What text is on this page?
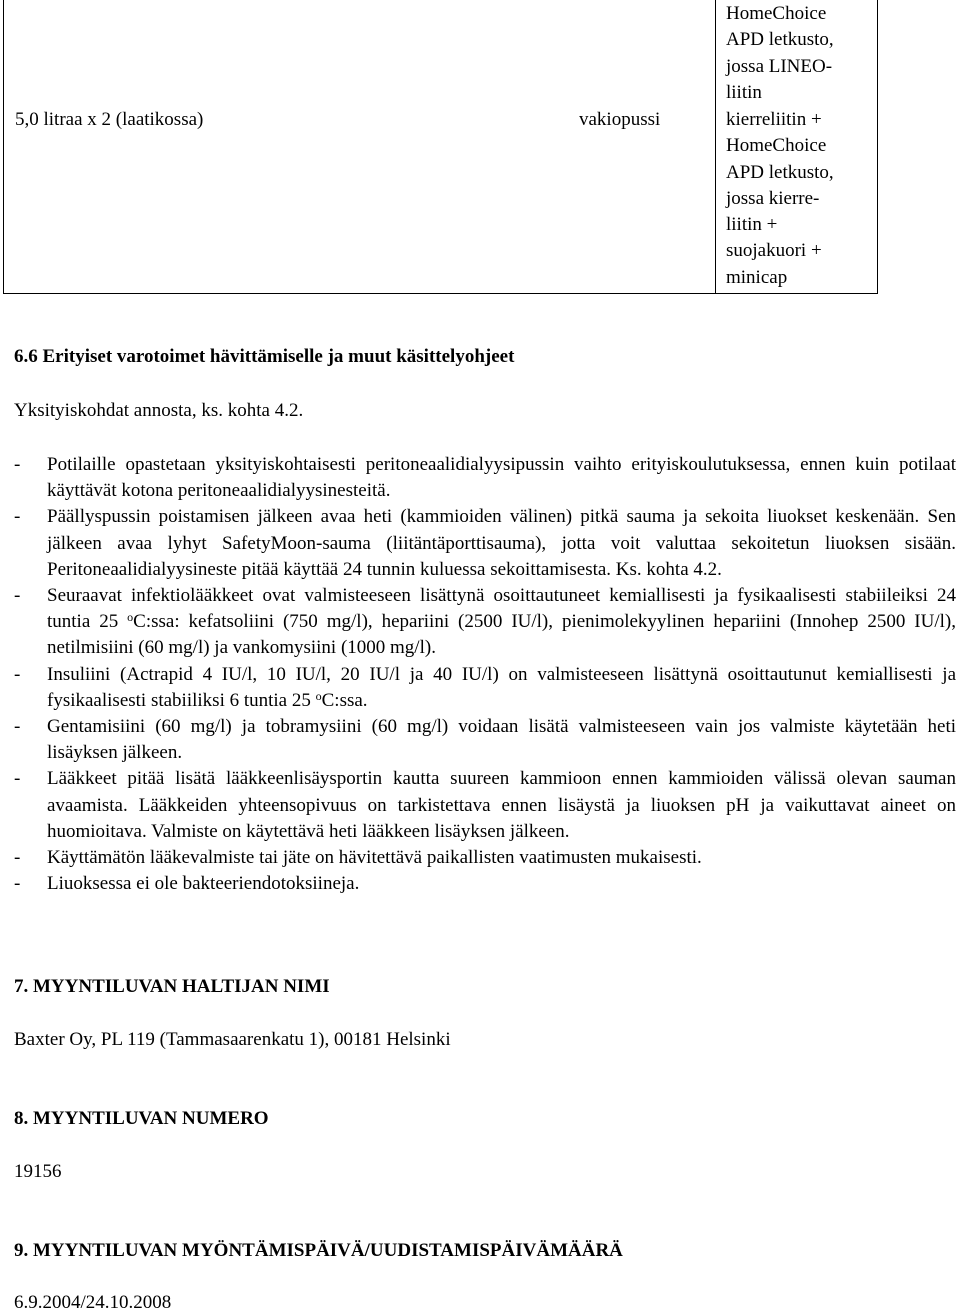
HomeChoice
APD letkusto,
jossa LINEO-
liitin
5,0 litraa x 2 (laatikossa)	vakiopussi	kierreliitin +
HomeChoice
APD letkusto,
jossa kierre-
liitin +
suojakuori +
minicap
6.6 Erityiset varotoimet hävittämiselle ja muut käsittelyohjeet
Yksityiskohdat annosta, ks. kohta 4.2.
- Potilaille opastetaan yksityiskohtaisesti peritoneaalidialyysipussin vaihto erityiskoulutuksessa, ennen kuin potilaat käyttävät kotona peritoneaalidialyysinesteitä.
- Päällyspussin poistamisen jälkeen avaa heti (kammioiden välinen) pitkä sauma ja sekoita liuokset keskenään. Sen jälkeen avaa lyhyt SafetyMoon-sauma (liitäntäporttisauma), jotta voit valuttaa sekoitetun liuoksen sisään. Peritoneaalidialyysineste pitää käyttää 24 tunnin kuluessa sekoittamisesta. Ks. kohta 4.2.
- Seuraavat infektiolääkkeet ovat valmisteeseen lisättynä osoittautuneet kemiallisesti ja fysikaalisesti stabiileiksi 24 tuntia 25 $^o$C:ssa: kefatsoliini (750 mg/l), hepariini (2500 IU/l), pienimolekyylinen hepariini (Innohep 2500 IU/l), netilmisiini (60 mg/l) ja vankomysiini (1000 mg/l).
- Insuliini (Actrapid 4 IU/l, 10 IU/l, 20 IU/l ja 40 IU/l) on valmisteeseen lisättynä osoittautunut kemiallisesti ja fysikaalisesti stabiiliksi 6 tuntia 25 $^o$C:ssa.
- Gentamisiini (60 mg/l) ja tobramysiini (60 mg/l) voidaan lisätä valmisteeseen vain jos valmiste käytetään heti lisäyksen jälkeen.
- Lääkkeet pitää lisätä lääkkeenlisäysportin kautta suureen kammioon ennen kammioiden välissä olevan sauman avaamista. Lääkkeiden yhteensopivuus on tarkistettava ennen lisäystä ja liuoksen pH ja vaikuttavat aineet on huomioitava. Valmiste on käytettävä heti lääkkeen lisäyksen jälkeen.
- Käyttämätön lääkevalmiste tai jäte on hävitettävä paikallisten vaatimusten mukaisesti.
- Liuoksessa ei ole bakteeriendotoksiineja.
7. MYYNTILUVAN HALTIJAN NIMI
Baxter Oy, PL 119 (Tammasaarenkatu 1), 00181 Helsinki
8. MYYNTILUVAN NUMERO
19156
9. MYYNTILUVAN MYÖNTÄMISPÄIVÄ/UUDISTAMISPÄIVÄMÄÄRÄ
6.9.2004/24.10.2008
